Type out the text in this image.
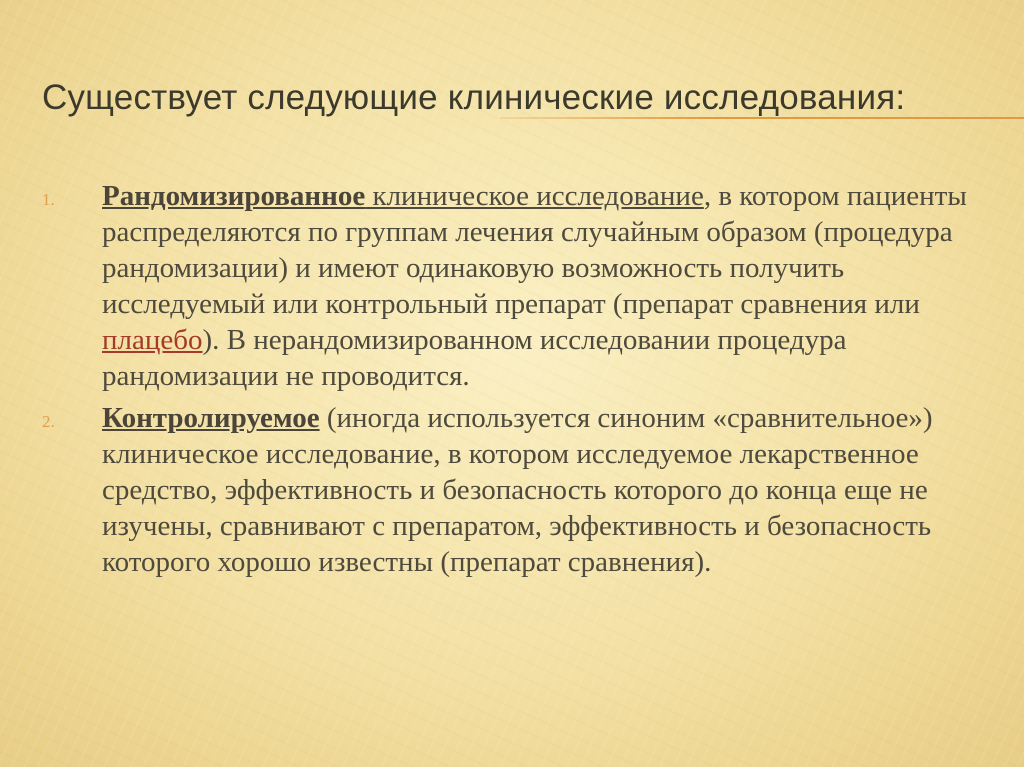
Существует следующие клинические исследования:
1. Рандомизированное клиническое исследование, в котором пациенты распределяются по группам лечения случайным образом (процедура рандомизации) и имеют одинаковую возможность получить исследуемый или контрольный препарат (препарат сравнения или плацебо). В нерандомизированном исследовании процедура рандомизации не проводится.
2. Контролируемое (иногда используется синоним «сравнительное») клиническое исследование, в котором исследуемое лекарственное средство, эффективность и безопасность которого до конца еще не изучены, сравнивают с препаратом, эффективность и безопасность которого хорошо известны (препарат сравнения).
